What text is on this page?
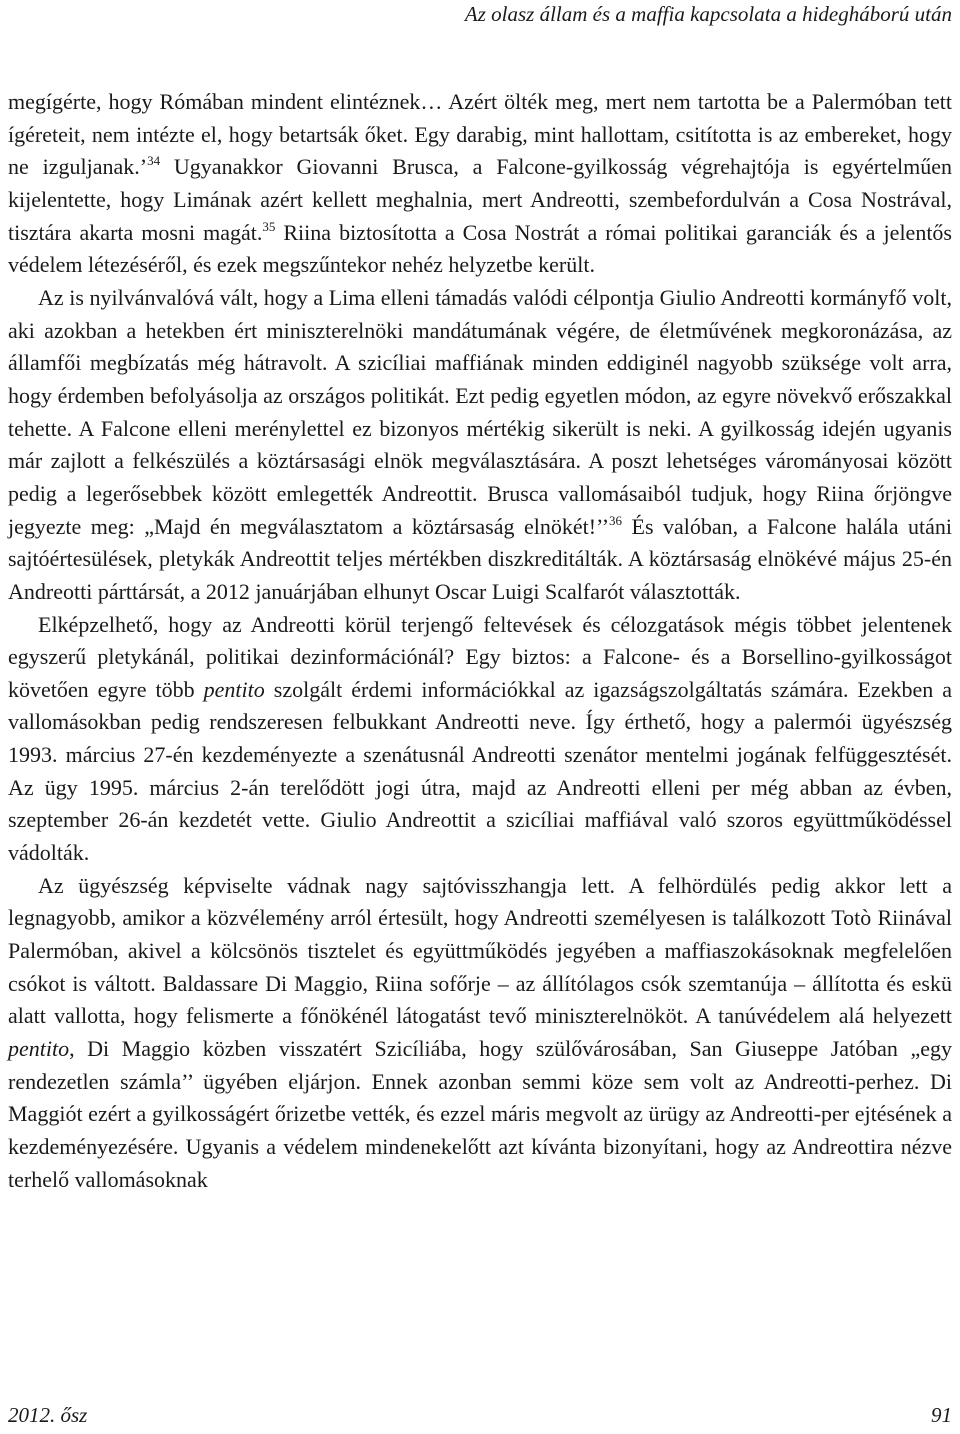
Az olasz állam és a maffia kapcsolata a hidegháború után

megígérte, hogy Rómában mindent elintéznek… Azért ölték meg, mert nem tartotta be a Palermóban tett ígéreteit, nem intézte el, hogy betartsák őket. Egy darabig, mint hallottam, csitította is az embereket, hogy ne izguljanak.’$^{34}$ Ugyanakkor Giovanni Brusca, a Falcone-gyilkosság végrehajtója is egyértelműen kijelentette, hogy Limának azért kellett meghalnia, mert Andreotti, szembefordulván a Cosa Nostrával, tisztára akarta mosni magát.$^{35}$ Riina biztosította a Cosa Nostrát a római politikai garanciák és a jelentős védelem létezéséről, és ezek megszűntekor nehéz helyzetbe került.

Az is nyilvánvalóvá vált, hogy a Lima elleni támadás valódi célpontja Giulio Andreotti kormányfő volt, aki azokban a hetekben ért miniszterelnöki mandátumának végére, de életművének megkoronázása, az államfői megbízatás még hátravolt. A szicíliai maffiának minden eddiginél nagyobb szüksége volt arra, hogy érdemben befolyásolja az országos politikát. Ezt pedig egyetlen módon, az egyre növekvő erőszakkal tehette. A Falcone elleni merénylettel ez bizonyos mértékig sikerült is neki. A gyilkosság idején ugyanis már zajlott a felkészülés a köztársasági elnök megválasztására. A poszt lehetséges várományosai között pedig a legerősebbek között emlegették Andreottit. Brusca vallomásaiból tudjuk, hogy Riina őrjöngve jegyezte meg: „Majd én megválasztatom a köztársaság elnökét!’’$^{36}$ És valóban, a Falcone halála utáni sajtóértesülések, pletykák Andreottit teljes mértékben diszkreditálták. A köztársaság elnökévé május 25-én Andreotti párttársát, a 2012 januárjában elhunyt Oscar Luigi Scalfarót választották.

Elképzelhető, hogy az Andreotti körül terjengő feltevések és célozgatások mégis többet jelentenek egyszerű pletykánál, politikai dezinformációnál? Egy biztos: a Falcone- és a Borsellino-gyilkosságot követően egyre több pentito szolgált érdemi információkkal az igazságszolgáltatás számára. Ezekben a vallomásokban pedig rendszeresen felbukkant Andreotti neve. Így érthető, hogy a palermói ügyészség 1993. március 27-én kezdeményezte a szenátusnál Andreotti szenátor mentelmi jogának felfüggesztését. Az ügy 1995. március 2-án terelődött jogi útra, majd az Andreotti elleni per még abban az évben, szeptember 26-án kezdetét vette. Giulio Andreottit a szicíliai maffiával való szoros együttműködéssel vádolták.

Az ügyészség képviselte vádnak nagy sajtóvisszhangja lett. A felhördülés pedig akkor lett a legnagyobb, amikor a közvélemény arról értesült, hogy Andreotti személyesen is találkozott Totò Riinával Palermóban, akivel a kölcsönös tisztelet és együttműködés jegyében a maffiaszokásoknak megfelelően csókot is váltott. Baldassare Di Maggio, Riina sofőrje – az állítólagos csók szemtanúja – állította és eskü alatt vallotta, hogy felismerte a főnökénél látogatást tevő miniszterelnököt. A tanúvédelem alá helyezett pentito, Di Maggio közben visszatért Szicíliába, hogy szülővárosában, San Giuseppe Jatóban „egy rendezetlen számla’’ ügyében eljárjon. Ennek azonban semmi köze sem volt az Andreotti-perhez. Di Maggiót ezért a gyilkosságért őrizetbe vették, és ezzel máris megvolt az ürügy az Andreotti-per ejtésének a kezdeményezésére. Ugyanis a védelem mindenekelőtt azt kívánta bizonyítani, hogy az Andreottira nézve terhelő vallomásoknak

2012. ősz	91
